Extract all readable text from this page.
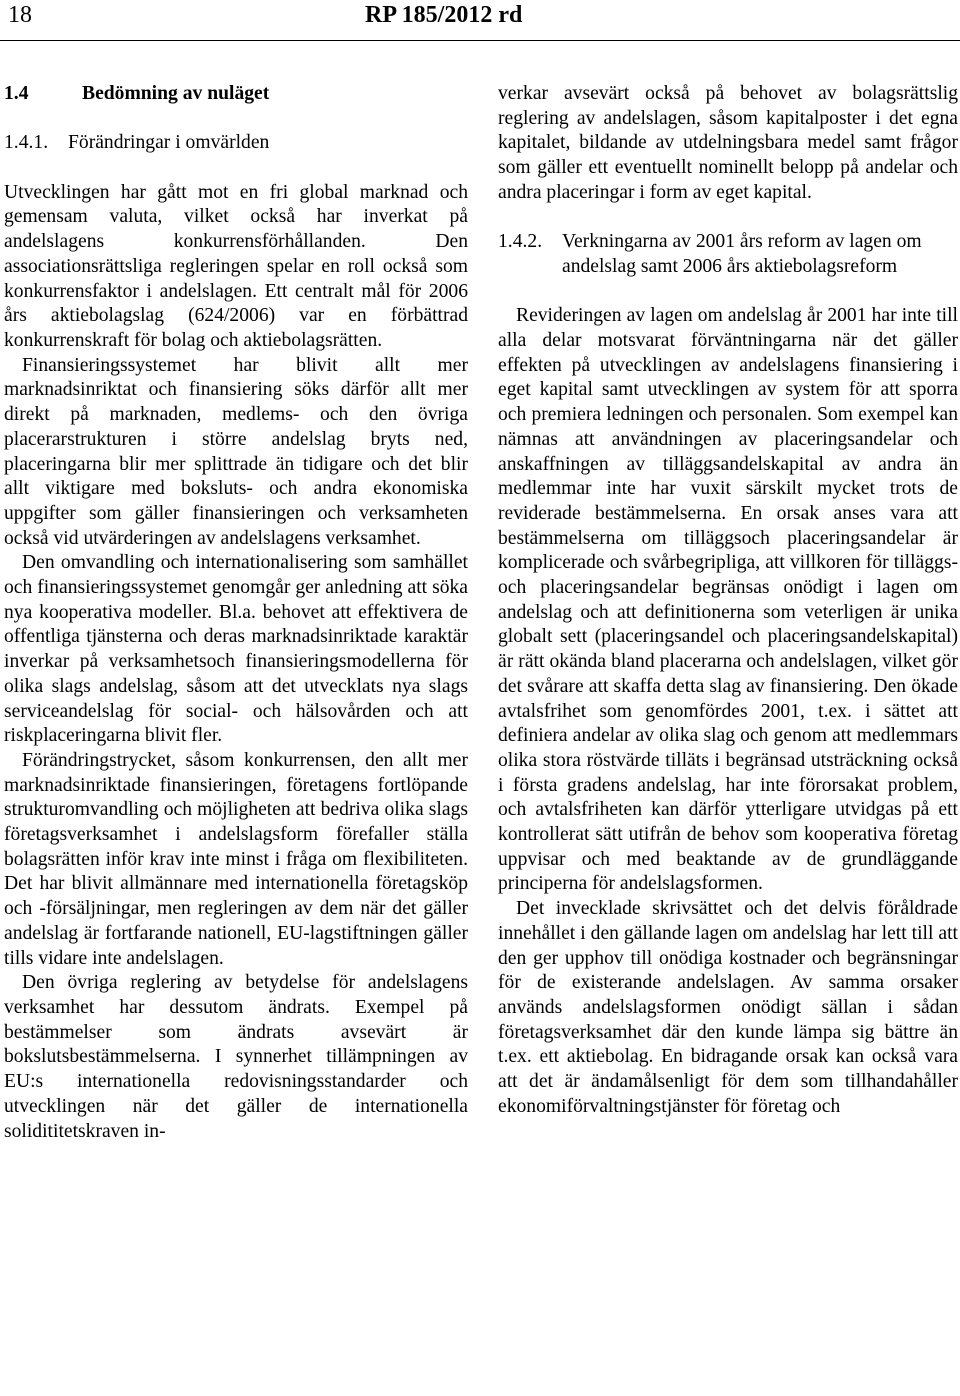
18	RP 185/2012 rd
1.4	Bedömning av nuläget
1.4.1. Förändringar i omvärlden

Utvecklingen har gått mot en fri global marknad och gemensam valuta, vilket också har inverkat på andelslagens konkurrensförhållanden. Den associationsrättsliga regleringen spelar en roll också som konkurrensfaktor i andelslagen. Ett centralt mål för 2006 års aktiebolagslag (624/2006) var en förbättrad konkurrenskraft för bolag och aktiebolagsrätten.

Finansieringssystemet har blivit allt mer marknadsinriktat och finansiering söks därför allt mer direkt på marknaden, medlems- och den övriga placerarstrukturen i större andelslag bryts ned, placeringarna blir mer splittrade än tidigare och det blir allt viktigare med boksluts- och andra ekonomiska uppgifter som gäller finansieringen och verksamheten också vid utvärderingen av andelslagens verksamhet.

Den omvandling och internationalisering som samhället och finansieringssystemet genomgår ger anledning att söka nya kooperativa modeller. Bl.a. behovet att effektivera de offentliga tjänsterna och deras marknadsinriktade karaktär inverkar på verksamhetsoch finansieringsmodellerna för olika slags andelslag, såsom att det utvecklats nya slags serviceandelslag för social- och hälsovården och att riskplaceringarna blivit fler.

Förändringstrycket, såsom konkurrensen, den allt mer marknadsinriktade finansieringen, företagens fortlöpande strukturomvandling och möjligheten att bedriva olika slags företagsverksamhet i andelslagsform förefaller ställa bolagsrätten inför krav inte minst i fråga om flexibiliteten. Det har blivit allmännare med internationella företagsköp och -försäljningar, men regleringen av dem när det gäller andelslag är fortfarande nationell, EU-lagstiftningen gäller tills vidare inte andelslagen.

Den övriga reglering av betydelse för andelslagens verksamhet har dessutom ändrats. Exempel på bestämmelser som ändrats avsevärt är bokslutsbestämmelserna. I synnerhet tillämpningen av EU:s internationella redovisningsstandarder och utvecklingen när det gäller de internationella solidititetskraven in-

verkar avsevärt också på behovet av bolagsrättslig reglering av andelslagen, såsom kapitalposter i det egna kapitalet, bildande av utdelningsbara medel samt frågor som gäller ett eventuellt nominellt belopp på andelar och andra placeringar i form av eget kapital.

1.4.2.	Verkningarna av 2001 års reform av lagen om andelslag samt 2006 års aktiebolagsreform

Revideringen av lagen om andelslag år 2001 har inte till alla delar motsvarat förväntningarna när det gäller effekten på utvecklingen av andelslagens finansiering i eget kapital samt utvecklingen av system för att sporra och premiera ledningen och personalen. Som exempel kan nämnas att användningen av placeringsandelar och anskaffningen av tilläggsandelskapital av andra än medlemmar inte har vuxit särskilt mycket trots de reviderade bestämmelserna. En orsak anses vara att bestämmelserna om tilläggsoch placeringsandelar är komplicerade och svårbegripliga, att villkoren för tilläggs- och placeringsandelar begränsas onödigt i lagen om andelslag och att definitionerna som veterligen är unika globalt sett (placeringsandel och placeringsandelskapital) är rätt okända bland placerarna och andelslagen, vilket gör det svårare att skaffa detta slag av finansiering. Den ökade avtalsfrihet som genomfördes 2001, t.ex. i sättet att definiera andelar av olika slag och genom att medlemmars olika stora röstvärde tilläts i begränsad utsträckning också i första gradens andelslag, har inte förorsakat problem, och avtalsfriheten kan därför ytterligare utvidgas på ett kontrollerat sätt utifrån de behov som kooperativa företag uppvisar och med beaktande av de grundläggande principerna för andelslagsformen.

Det invecklade skrivsättet och det delvis föråldrade innehållet i den gällande lagen om andelslag har lett till att den ger upphov till onödiga kostnader och begränsningar för de existerande andelslagen. Av samma orsaker används andelslagsformen onödigt sällan i sådan företagsverksamhet där den kunde lämpa sig bättre än t.ex. ett aktiebolag. En bidragande orsak kan också vara att det är ändamålsenligt för dem som tillhandahåller ekonomiförvaltningstjänster för företag och
